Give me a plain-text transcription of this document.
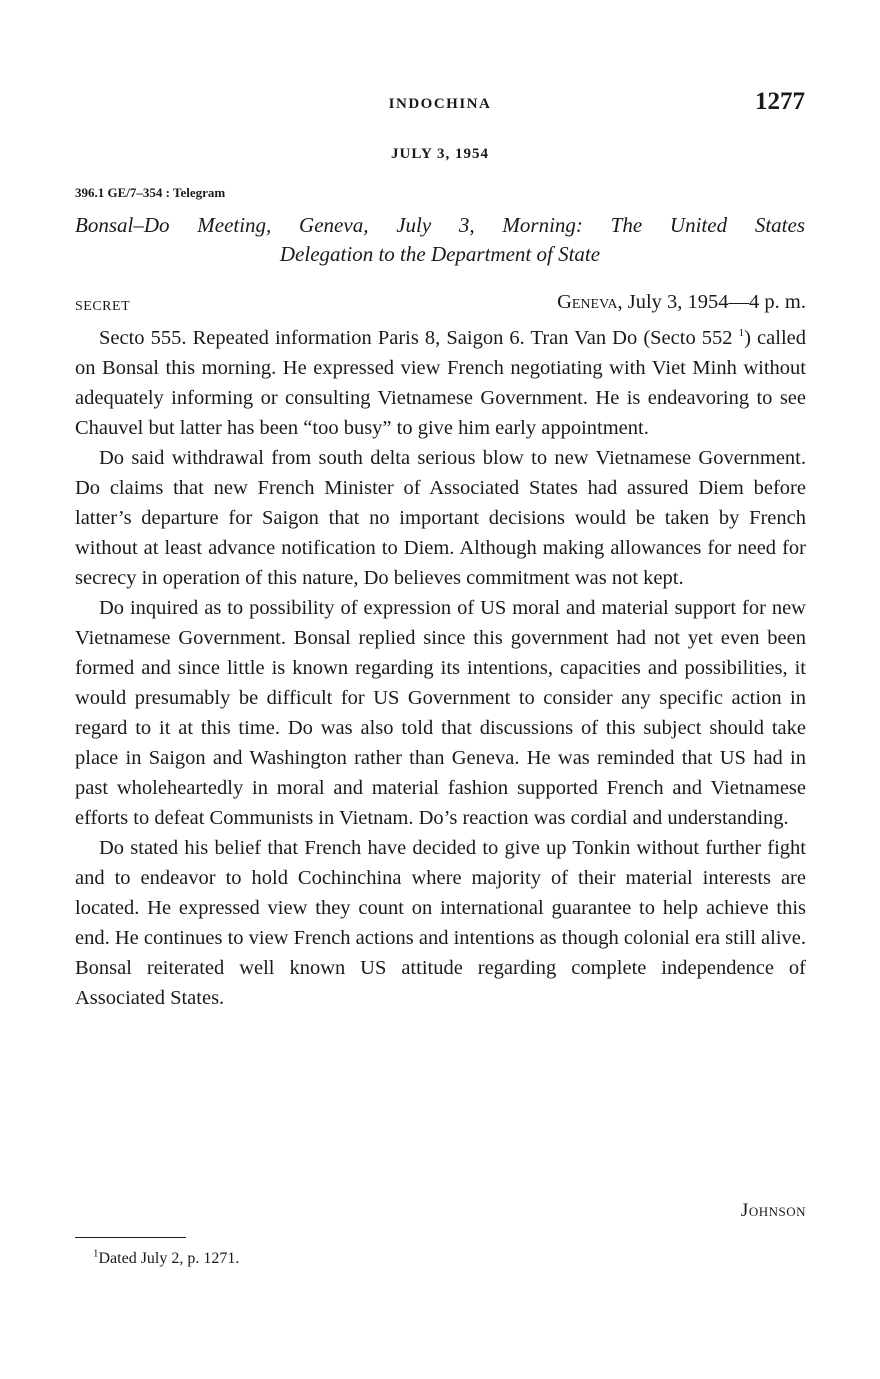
INDOCHINA	1277
JULY 3, 1954
396.1 GE/7–354 : Telegram
Bonsal–Do Meeting, Geneva, July 3, Morning: The United States
Delegation to the Department of State
SECRET	Geneva, July 3, 1954—4 p. m.

Secto 555. Repeated information Paris 8, Saigon 6. Tran Van Do (Secto 552 $^1$) called on Bonsal this morning. He expressed view French negotiating with Viet Minh without adequately informing or consulting Vietnamese Government. He is endeavoring to see Chauvel but latter has been “too busy” to give him early appointment.

Do said withdrawal from south delta serious blow to new Vietnamese Government. Do claims that new French Minister of Associated States had assured Diem before latter’s departure for Saigon that no important decisions would be taken by French without at least advance notification to Diem. Although making allowances for need for secrecy in operation of this nature, Do believes commitment was not kept.

Do inquired as to possibility of expression of US moral and material support for new Vietnamese Government. Bonsal replied since this government had not yet even been formed and since little is known regarding its intentions, capacities and possibilities, it would presumably be difficult for US Government to consider any specific action in regard to it at this time. Do was also told that discussions of this subject should take place in Saigon and Washington rather than Geneva. He was reminded that US had in past wholeheartedly in moral and material fashion supported French and Vietnamese efforts to defeat Communists in Vietnam. Do’s reaction was cordial and understanding.

Do stated his belief that French have decided to give up Tonkin without further fight and to endeavor to hold Cochinchina where majority of their material interests are located. He expressed view they count on international guarantee to help achieve this end. He continues to view French actions and intentions as though colonial era still alive. Bonsal reiterated well known US attitude regarding complete independence of Associated States.

Johnson
$^1$Dated July 2, p. 1271.
